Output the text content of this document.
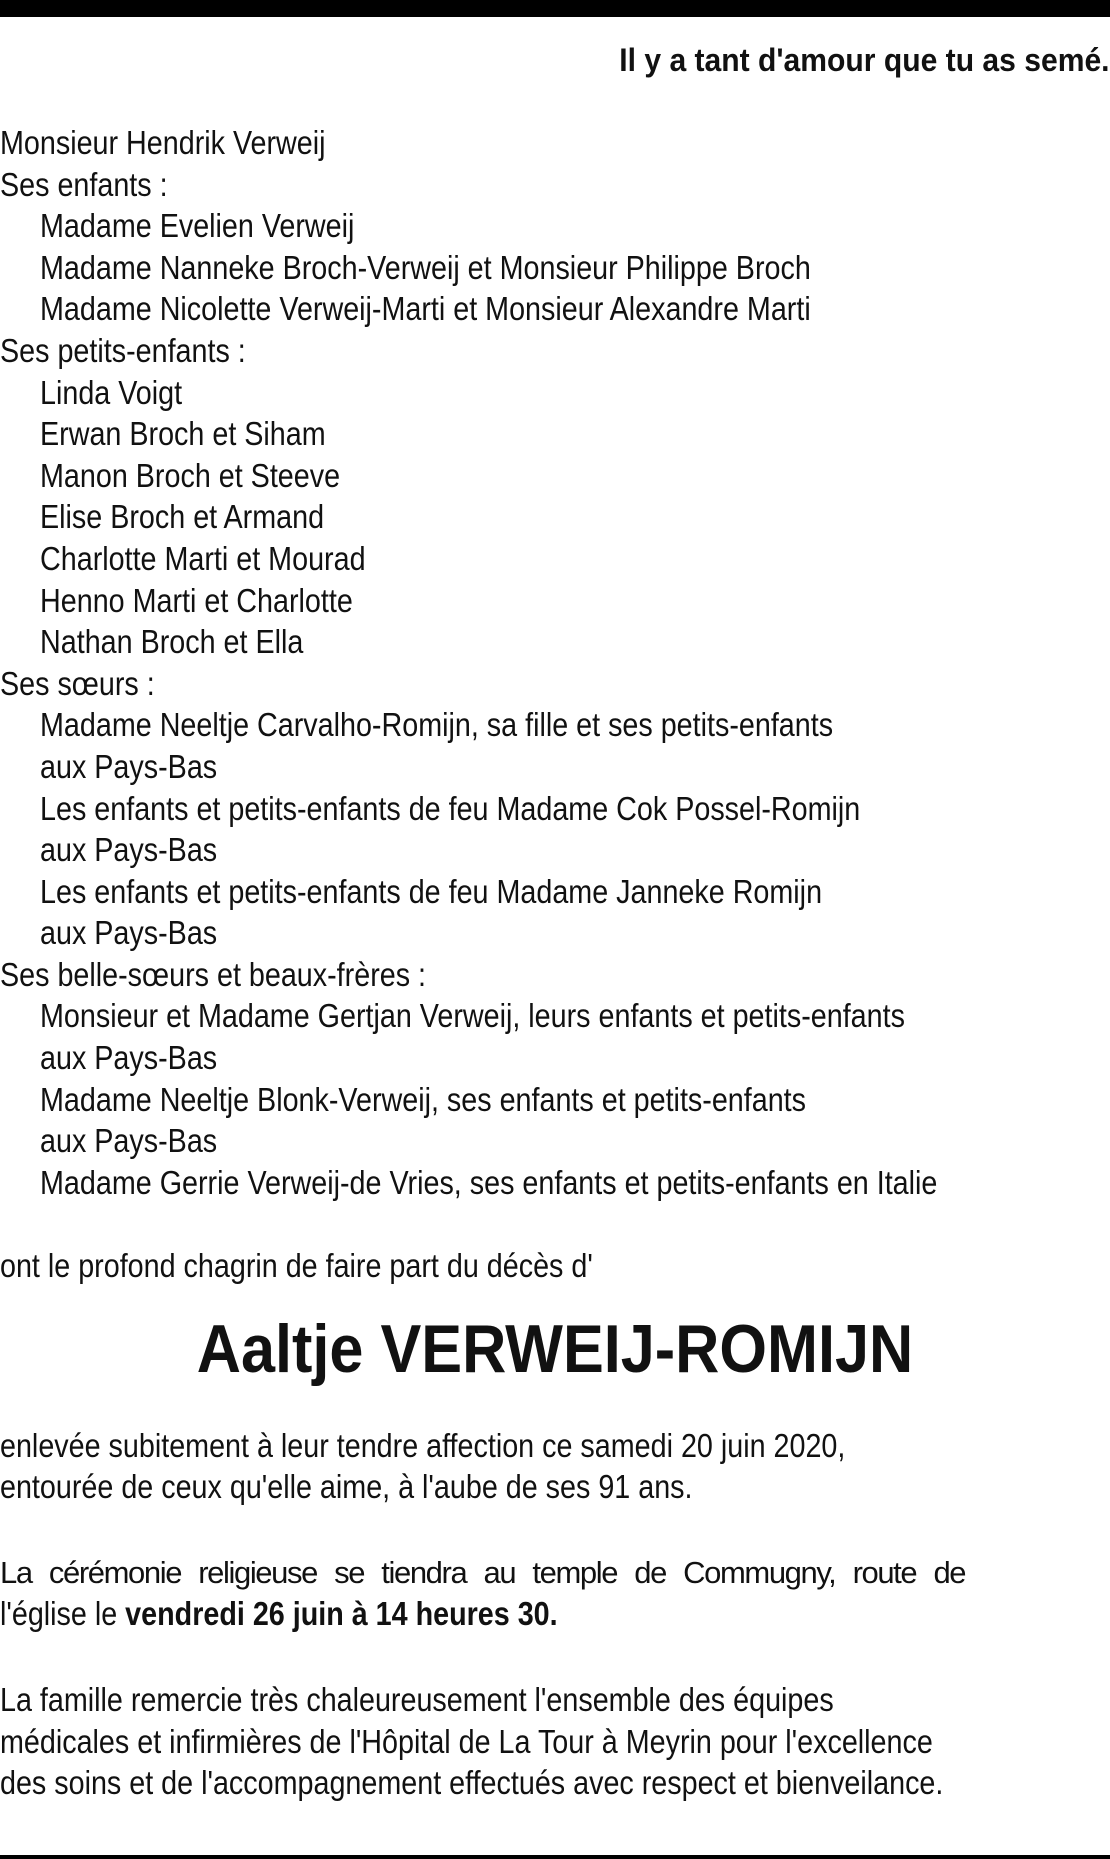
Il y a tant d'amour que tu as semé.
Monsieur Hendrik Verweij
Ses enfants :
Madame Evelien Verweij
Madame Nanneke Broch-Verweij et Monsieur Philippe Broch
Madame Nicolette Verweij-Marti et Monsieur Alexandre Marti
Ses petits-enfants :
Linda Voigt
Erwan Broch et Siham
Manon Broch et Steeve
Elise Broch et Armand
Charlotte Marti et Mourad
Henno Marti et Charlotte
Nathan Broch et Ella
Ses sœurs :
Madame Neeltje Carvalho-Romijn, sa fille et ses petits-enfants
aux Pays-Bas
Les enfants et petits-enfants de feu Madame Cok Possel-Romijn
aux Pays-Bas
Les enfants et petits-enfants de feu Madame Janneke Romijn
aux Pays-Bas
Ses belle-sœurs et beaux-frères :
Monsieur et Madame Gertjan Verweij, leurs enfants et petits-enfants
aux Pays-Bas
Madame Neeltje Blonk-Verweij, ses enfants et petits-enfants
aux Pays-Bas
Madame Gerrie Verweij-de Vries, ses enfants et petits-enfants en Italie
ont le profond chagrin de faire part du décès d'
Aaltje VERWEIJ-ROMIJN
enlevée subitement à leur tendre affection ce samedi 20 juin 2020,
entourée de ceux qu'elle aime, à l'aube de ses 91 ans.
La cérémonie religieuse se tiendra au temple de Commugny, route de
l'église le vendredi 26 juin à 14 heures 30.
La famille remercie très chaleureusement l'ensemble des équipes
médicales et infirmières de l'Hôpital de La Tour à Meyrin pour l'excellence
des soins et de l'accompagnement effectués avec respect et bienveilance.
